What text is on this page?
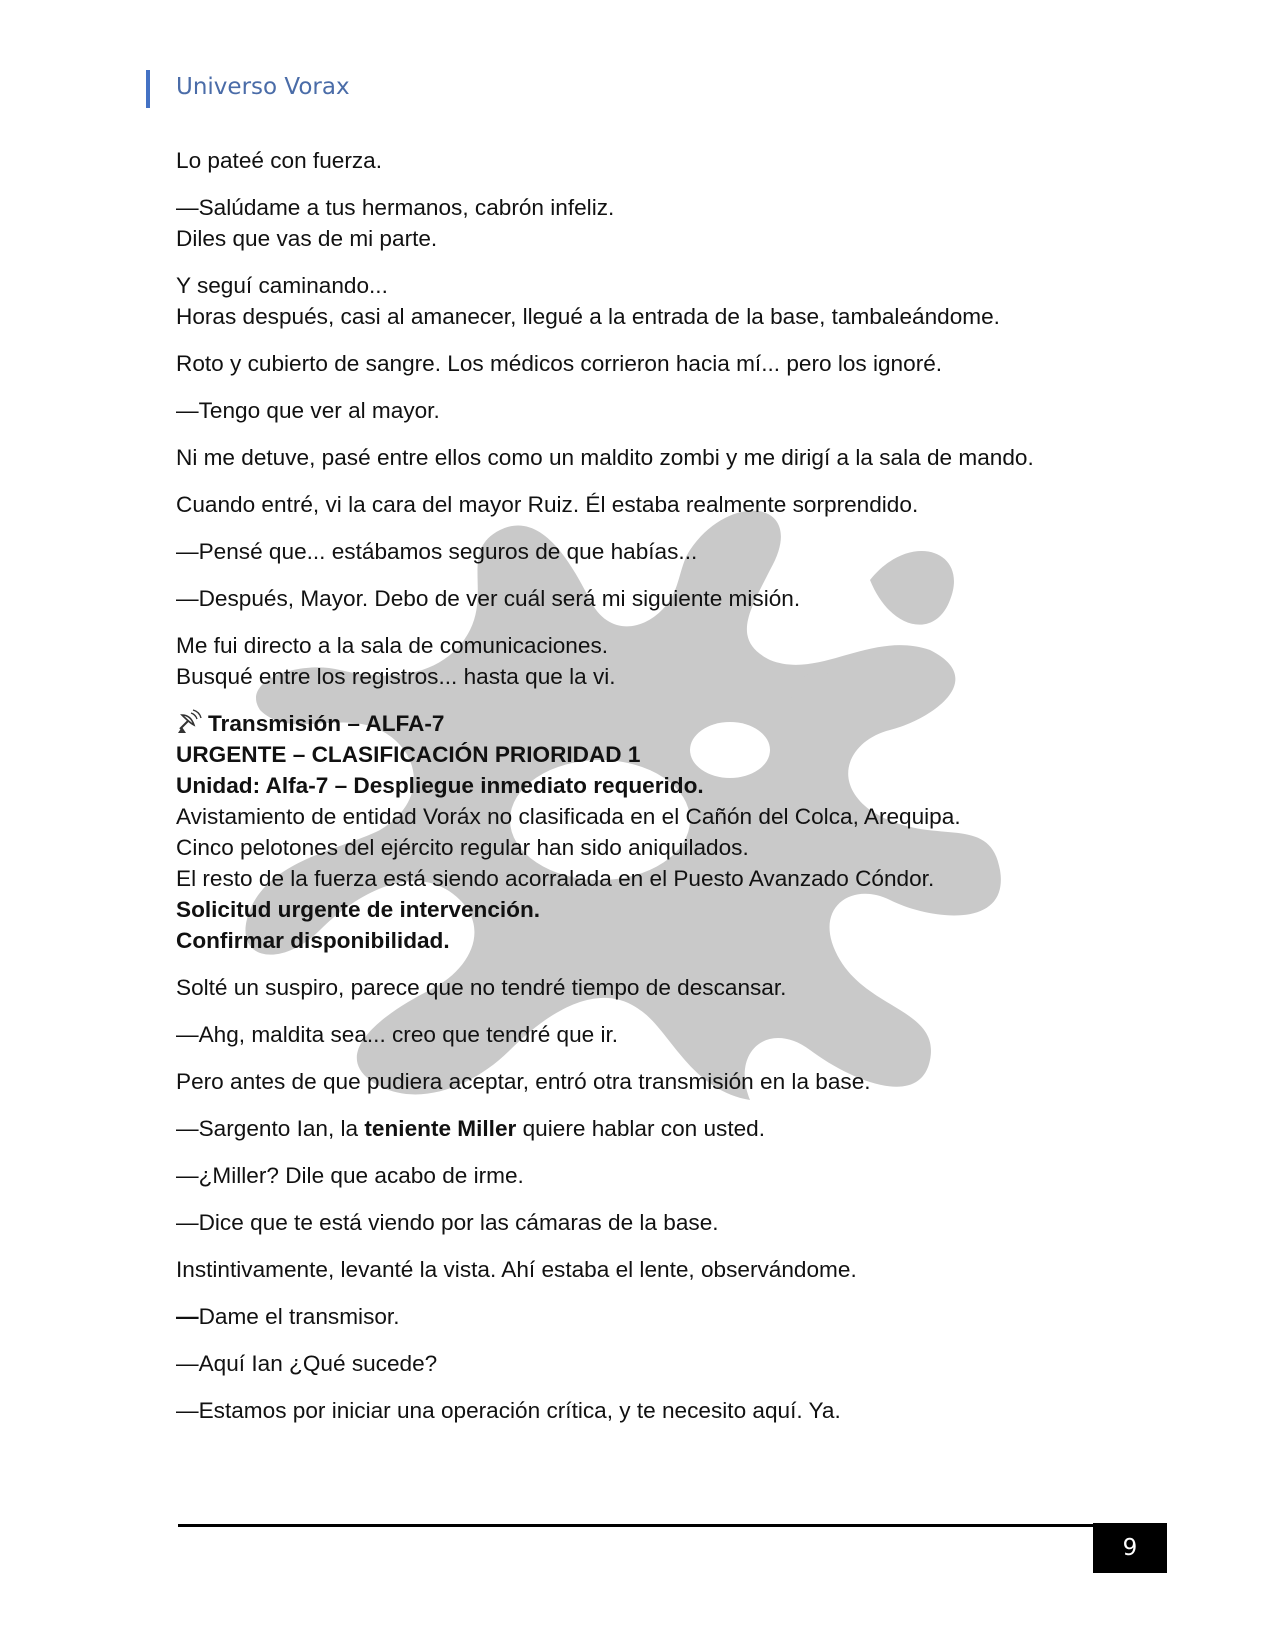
Universo Vorax

Lo pateé con fuerza.

—Salúdame a tus hermanos, cabrón infeliz.
Diles que vas de mi parte.

Y seguí caminando...
Horas después, casi al amanecer, llegué a la entrada de la base, tambaleándome.

Roto y cubierto de sangre. Los médicos corrieron hacia mí... pero los ignoré.

—Tengo que ver al mayor.

Ni me detuve, pasé entre ellos como un maldito zombi y me dirigí a la sala de mando.

Cuando entré, vi la cara del mayor Ruiz. Él estaba realmente sorprendido.

—Pensé que... estábamos seguros de que habías...

—Después, Mayor. Debo de ver cuál será mi siguiente misión.

Me fui directo a la sala de comunicaciones.
Busqué entre los registros... hasta que la vi.

Transmisión – ALFA-7
URGENTE – CLASIFICACIÓN PRIORIDAD 1
Unidad: Alfa-7 – Despliegue inmediato requerido.
Avistamiento de entidad Voráx no clasificada en el Cañón del Colca, Arequipa.
Cinco pelotones del ejército regular han sido aniquilados.
El resto de la fuerza está siendo acorralada en el Puesto Avanzado Cóndor.
Solicitud urgente de intervención.
Confirmar disponibilidad.

Solté un suspiro, parece que no tendré tiempo de descansar.

—Ahg, maldita sea... creo que tendré que ir.

Pero antes de que pudiera aceptar, entró otra transmisión en la base.

—Sargento Ian, la teniente Miller quiere hablar con usted.

—¿Miller? Dile que acabo de irme.

—Dice que te está viendo por las cámaras de la base.

Instintivamente, levanté la vista. Ahí estaba el lente, observándome.

—Dame el transmisor.

—Aquí Ian ¿Qué sucede?

—Estamos por iniciar una operación crítica, y te necesito aquí. Ya.

9
